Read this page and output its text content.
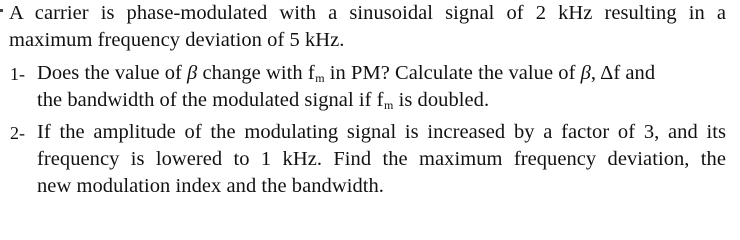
A carrier is phase-modulated with a sinusoidal signal of 2 kHz resulting in a
maximum frequency deviation of 5 kHz.
1- Does the value of β change with fm in PM? Calculate the value of β, Δf and
the bandwidth of the modulated signal if fm is doubled.
2- If the amplitude of the modulating signal is increased by a factor of 3, and its
frequency is lowered to 1 kHz. Find the maximum frequency deviation, the
new modulation index and the bandwidth.
